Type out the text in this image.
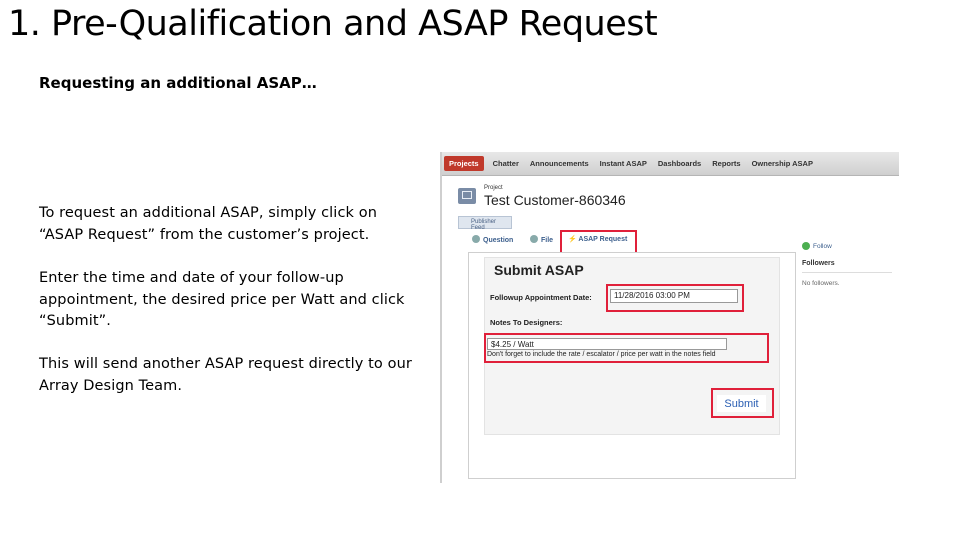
1. Pre-Qualification and ASAP Request

Requesting an additional ASAP…

To request an additional ASAP, simply click on “ASAP Request” from the customer’s project.

Enter the time and date of your follow-up appointment, the desired price per Watt and click “Submit”.

This will send another ASAP request directly to our Array Design Team.

Projects	Chatter Announcements Instant ASAP Dashboards Reports Ownership ASAP
Project
Test Customer-860346
Publisher Feed
Question	File ⚡ ASAP Request
Follow
Followers
No followers.
Submit ASAP
Followup Appointment Date:	11/28/2016 03:00 PM
Notes To Designers:
$4.25 / Watt
Don't forget to include the rate / escalator / price per watt in the notes field
Submit
